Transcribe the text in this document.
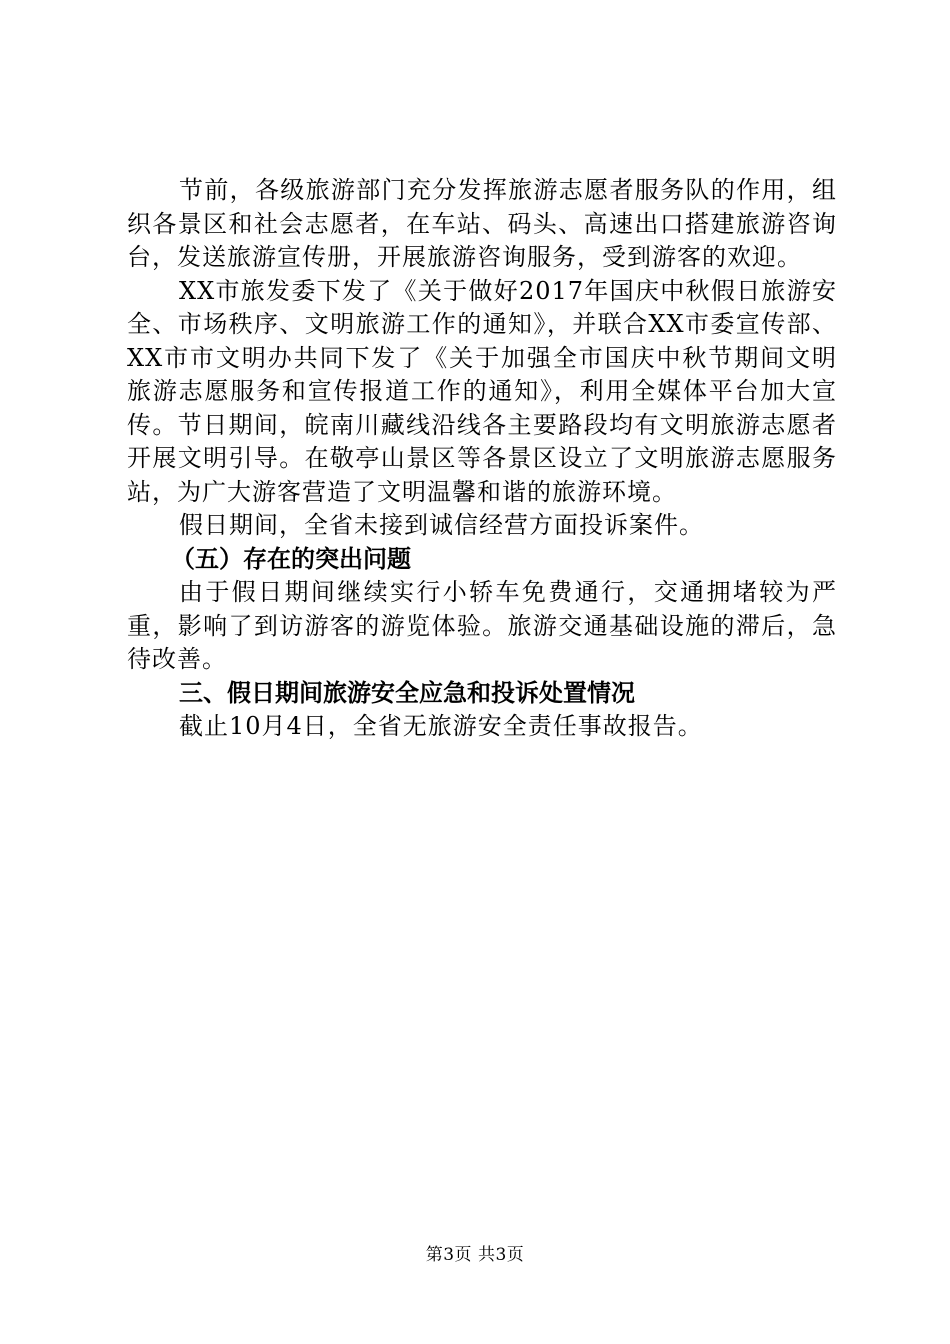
节前，各级旅游部门充分发挥旅游志愿者服务队的作用，组织各景区和社会志愿者，在车站、码头、高速出口搭建旅游咨询台，发送旅游宣传册，开展旅游咨询服务，受到游客的欢迎。

XX市旅发委下发了《关于做好2017年国庆中秋假日旅游安全、市场秩序、文明旅游工作的通知》，并联合XX市委宣传部、XX市市文明办共同下发了《关于加强全市国庆中秋节期间文明旅游志愿服务和宣传报道工作的通知》，利用全媒体平台加大宣传。节日期间，皖南川藏线沿线各主要路段均有文明旅游志愿者开展文明引导。在敬亭山景区等各景区设立了文明旅游志愿服务站，为广大游客营造了文明温馨和谐的旅游环境。

假日期间，全省未接到诚信经营方面投诉案件。

（五）存在的突出问题

由于假日期间继续实行小轿车免费通行，交通拥堵较为严重，影响了到访游客的游览体验。旅游交通基础设施的滞后，急待改善。

三、假日期间旅游安全应急和投诉处置情况

截止10月4日，全省无旅游安全责任事故报告。

第3页 共3页
